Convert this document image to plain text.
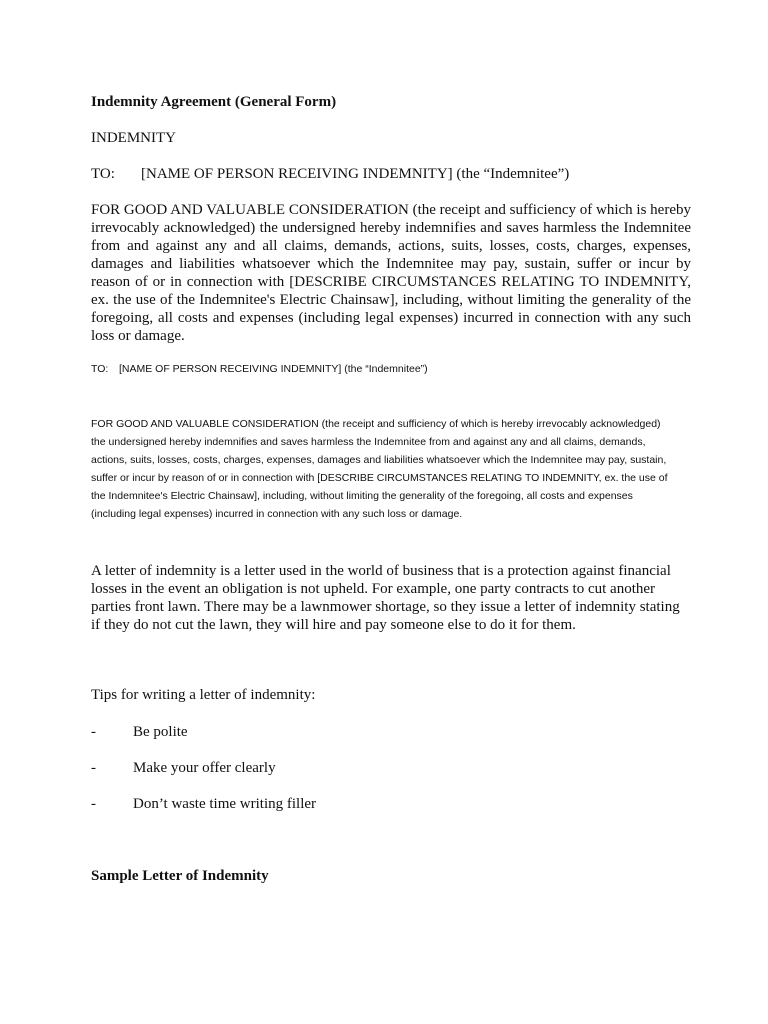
Indemnity Agreement (General Form)

INDEMNITY

TO: [NAME OF PERSON RECEIVING INDEMNITY] (the “Indemnitee”)

FOR GOOD AND VALUABLE CONSIDERATION (the receipt and sufficiency of which is hereby irrevocably acknowledged) the undersigned hereby indemnifies and saves harmless the Indemnitee from and against any and all claims, demands, actions, suits, losses, costs, charges, expenses, damages and liabilities whatsoever which the Indemnitee may pay, sustain, suffer or incur by reason of or in connection with [DESCRIBE CIRCUMSTANCES RELATING TO INDEMNITY, ex. the use of the Indemnitee's Electric Chainsaw], including, without limiting the generality of the foregoing, all costs and expenses (including legal expenses) incurred in connection with any such loss or damage.

TO: [NAME OF PERSON RECEIVING INDEMNITY] (the “Indemnitee”)

FOR GOOD AND VALUABLE CONSIDERATION (the receipt and sufficiency of which is hereby irrevocably acknowledged) the undersigned hereby indemnifies and saves harmless the Indemnitee from and against any and all claims, demands, actions, suits, losses, costs, charges, expenses, damages and liabilities whatsoever which the Indemnitee may pay, sustain, suffer or incur by reason of or in connection with [DESCRIBE CIRCUMSTANCES RELATING TO INDEMNITY, ex. the use of the Indemnitee's Electric Chainsaw], including, without limiting the generality of the foregoing, all costs and expenses (including legal expenses) incurred in connection with any such loss or damage.

A letter of indemnity is a letter used in the world of business that is a protection against financial losses in the event an obligation is not upheld. For example, one party contracts to cut another parties front lawn. There may be a lawnmower shortage, so they issue a letter of indemnity stating if they do not cut the lawn, they will hire and pay someone else to do it for them.

Tips for writing a letter of indemnity:

- Be polite
- Make your offer clearly
- Don’t waste time writing filler

Sample Letter of Indemnity
